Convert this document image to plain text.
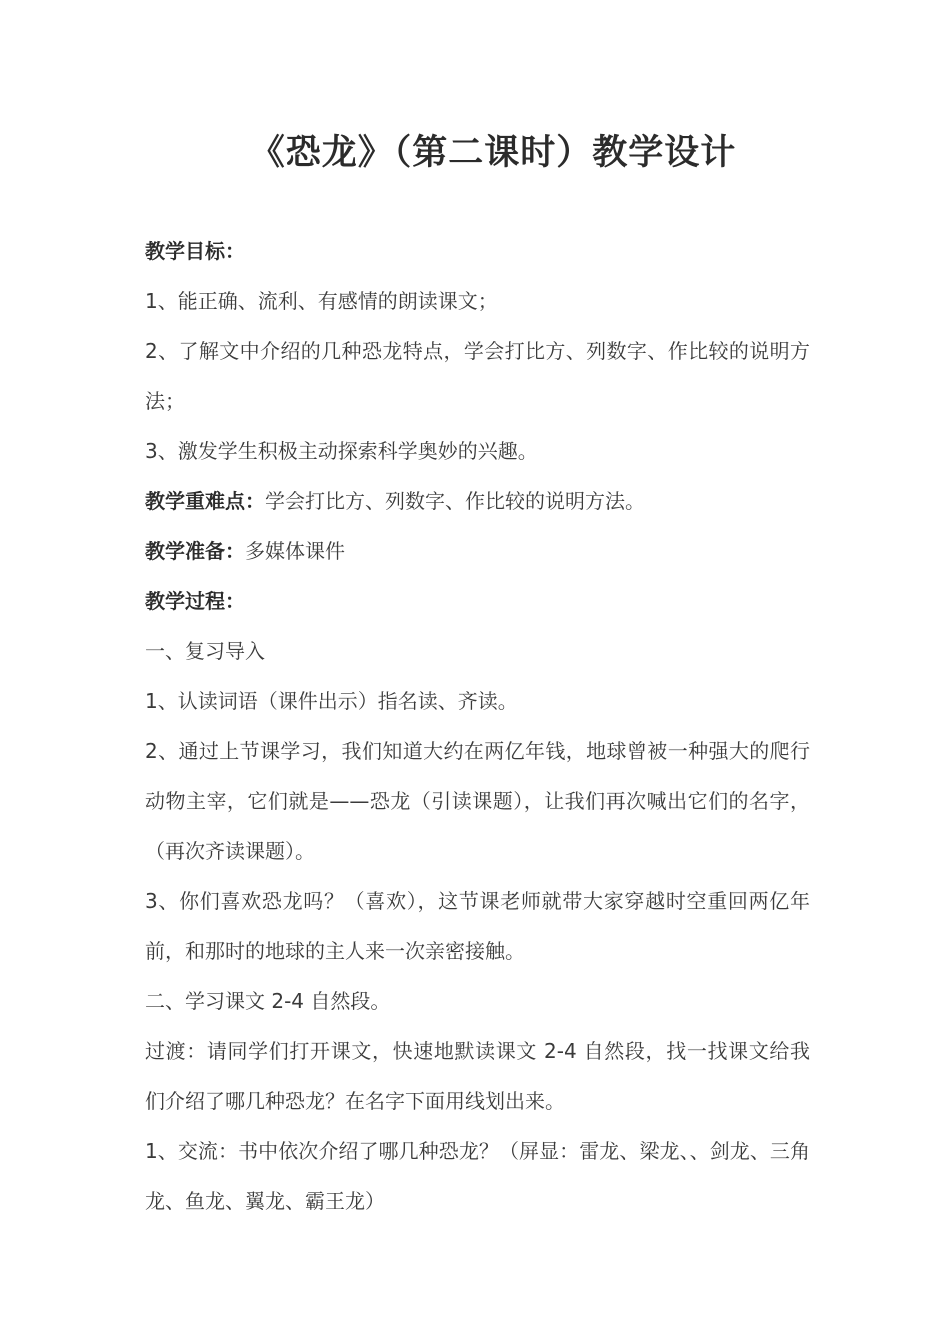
《恐龙》（第二课时）教学设计

教学目标：

1、能正确、流利、有感情的朗读课文；

2、了解文中介绍的几种恐龙特点，学会打比方、列数字、作比较的说明方法；

3、激发学生积极主动探索科学奥妙的兴趣。

教学重难点：学会打比方、列数字、作比较的说明方法。

教学准备：多媒体课件

教学过程：

一、复习导入

1、认读词语（课件出示）指名读、齐读。

2、通过上节课学习，我们知道大约在两亿年钱，地球曾被一种强大的爬行动物主宰，它们就是——恐龙（引读课题），让我们再次喊出它们的名字，（再次齐读课题）。

3、你们喜欢恐龙吗？（喜欢），这节课老师就带大家穿越时空重回两亿年前，和那时的地球的主人来一次亲密接触。

二、学习课文 2-4 自然段。

过渡：请同学们打开课文，快速地默读课文 2-4 自然段，找一找课文给我们介绍了哪几种恐龙？在名字下面用线划出来。

1、交流：书中依次介绍了哪几种恐龙？（屏显：雷龙、梁龙、、剑龙、三角龙、鱼龙、翼龙、霸王龙）
